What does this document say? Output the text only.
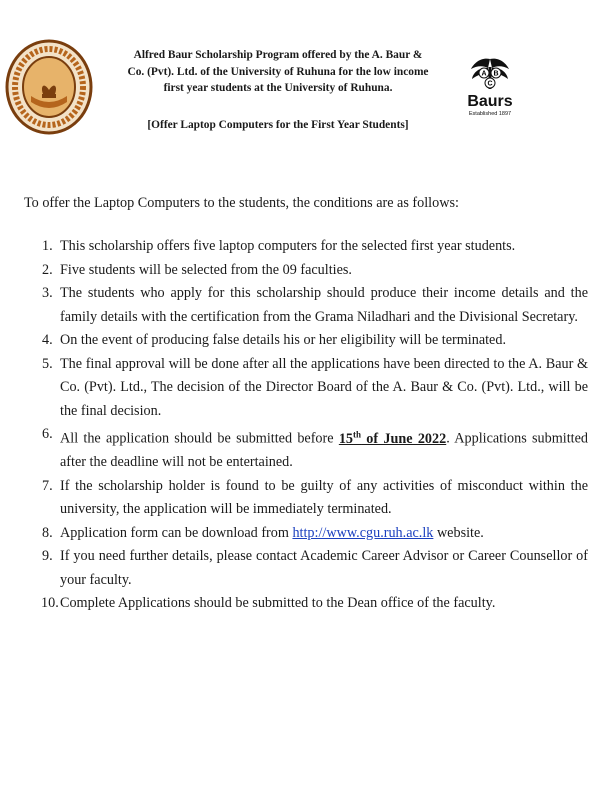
Alfred Baur Scholarship Program offered by the A. Baur &
Co. (Pvt). Ltd. of the University of Ruhuna for the low income
first year students at the University of Ruhuna.
[Offer Laptop Computers for the First Year Students]
A B
C
Baurs
Established 1897
To offer the Laptop Computers to the students, the conditions are as follows:
1. This scholarship offers five laptop computers for the selected first year students.
2. Five students will be selected from the 09 faculties.
3. The students who apply for this scholarship should produce their income details and the family details with the certification from the Grama Niladhari and the Divisional Secretary.
4. On the event of producing false details his or her eligibility will be terminated.
5. The final approval will be done after all the applications have been directed to the A. Baur & Co. (Pvt). Ltd., The decision of the Director Board of the A. Baur & Co. (Pvt). Ltd., will be the final decision.
6. All the application should be submitted before 15th of June 2022. Applications submitted after the deadline will not be entertained.
7. If the scholarship holder is found to be guilty of any activities of misconduct within the university, the application will be immediately terminated.
8. Application form can be download from http://www.cgu.ruh.ac.lk website.
9. If you need further details, please contact Academic Career Advisor or Career Counsellor of your faculty.
10. Complete Applications should be submitted to the Dean office of the faculty.
